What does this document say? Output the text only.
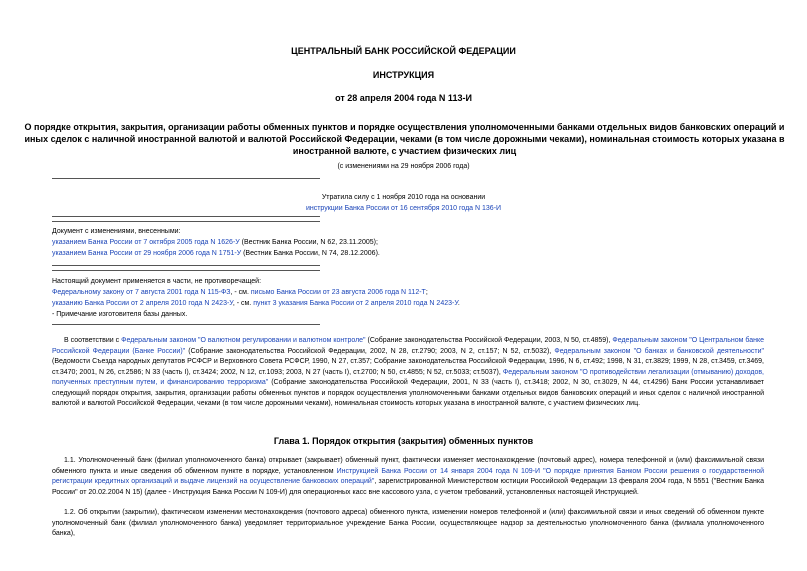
ЦЕНТРАЛЬНЫЙ БАНК РОССИЙСКОЙ ФЕДЕРАЦИИ
ИНСТРУКЦИЯ
от 28 апреля 2004 года N 113-И
О порядке открытия, закрытия, организации работы обменных пунктов и порядке осуществления уполномоченными банками отдельных видов банковских операций и иных сделок с наличной иностранной валютой и валютой Российской Федерации, чеками (в том числе дорожными чеками), номинальная стоимость которых указана в иностранной валюте, с участием физических лиц
(с изменениями на 29 ноября 2006 года)
Утратила силу с 1 ноября 2010 года на основании
инструкции Банка России от 16 сентября 2010 года N 136-И
Документ с изменениями, внесенными:
указанием Банка России от 7 октября 2005 года N 1626-У (Вестник Банка России, N 62, 23.11.2005);
указанием Банка России от 29 ноября 2006 года N 1751-У (Вестник Банка России, N 74, 28.12.2006).
Настоящий документ применяется в части, не противоречащей:
Федеральному закону от 7 августа 2001 года N 115-ФЗ, - см. письмо Банка России от 23 августа 2006 года N 112-Т;
указанию Банка России от 2 апреля 2010 года N 2423-У, - см. пункт 3 указания Банка России от 2 апреля 2010 года N 2423-У.
- Примечание изготовителя базы данных.
В соответствии с Федеральным законом "О валютном регулировании и валютном контроле" (Собрание законодательства Российской Федерации, 2003, N 50, ст.4859), Федеральным законом "О Центральном банке Российской Федерации (Банке России)" (Собрание законодательства Российской Федерации, 2002, N 28, ст.2790; 2003, N 2, ст.157; N 52, ст.5032), Федеральным законом "О банках и банковской деятельности" (Ведомости Съезда народных депутатов РСФСР и Верховного Совета РСФСР, 1990, N 27, ст.357; Собрание законодательства Российской Федерации, 1996, N 6, ст.492; 1998, N 31, ст.3829; 1999, N 28, ст.3459, ст.3469, ст.3470; 2001, N 26, ст.2586; N 33 (часть I), ст.3424; 2002, N 12, ст.1093; 2003, N 27 (часть I), ст.2700; N 50, ст.4855; N 52, ст.5033; ст.5037), Федеральным законом "О противодействии легализации (отмыванию) доходов, полученных преступным путем, и финансированию терроризма" (Собрание законодательства Российской Федерации, 2001, N 33 (часть I), ст.3418; 2002, N 30, ст.3029, N 44, ст.4296) Банк России устанавливает следующий порядок открытия, закрытия, организации работы обменных пунктов и порядок осуществления уполномоченными банками отдельных видов банковских операций и иных сделок с наличной иностранной валютой и валютой Российской Федерации, чеками (в том числе дорожными чеками), номинальная стоимость которых указана в иностранной валюте, с участием физических лиц.
Глава 1. Порядок открытия (закрытия) обменных пунктов
1.1. Уполномоченный банк (филиал уполномоченного банка) открывает (закрывает) обменный пункт, фактически изменяет местонахождение (почтовый адрес), номера телефонной и (или) факсимильной связи обменного пункта и иные сведения об обменном пункте в порядке, установленном Инструкцией Банка России от 14 января 2004 года N 109-И "О порядке принятия Банком России решения о государственной регистрации кредитных организаций и выдаче лицензий на осуществление банковских операций", зарегистрированной Министерством юстиции Российской Федерации 13 февраля 2004 года, N 5551 ("Вестник Банка России" от 20.02.2004 N 15) (далее - Инструкция Банка России N 109-И) для операционных касс вне кассового узла, с учетом требований, установленных настоящей Инструкцией.
1.2. Об открытии (закрытии), фактическом изменении местонахождения (почтового адреса) обменного пункта, изменении номеров телефонной и (или) факсимильной связи и иных сведений об обменном пункте уполномоченный банк (филиал уполномоченного банка) уведомляет территориальное учреждение Банка России, осуществляющее надзор за деятельностью уполномоченного банка (филиала уполномоченного банка),
